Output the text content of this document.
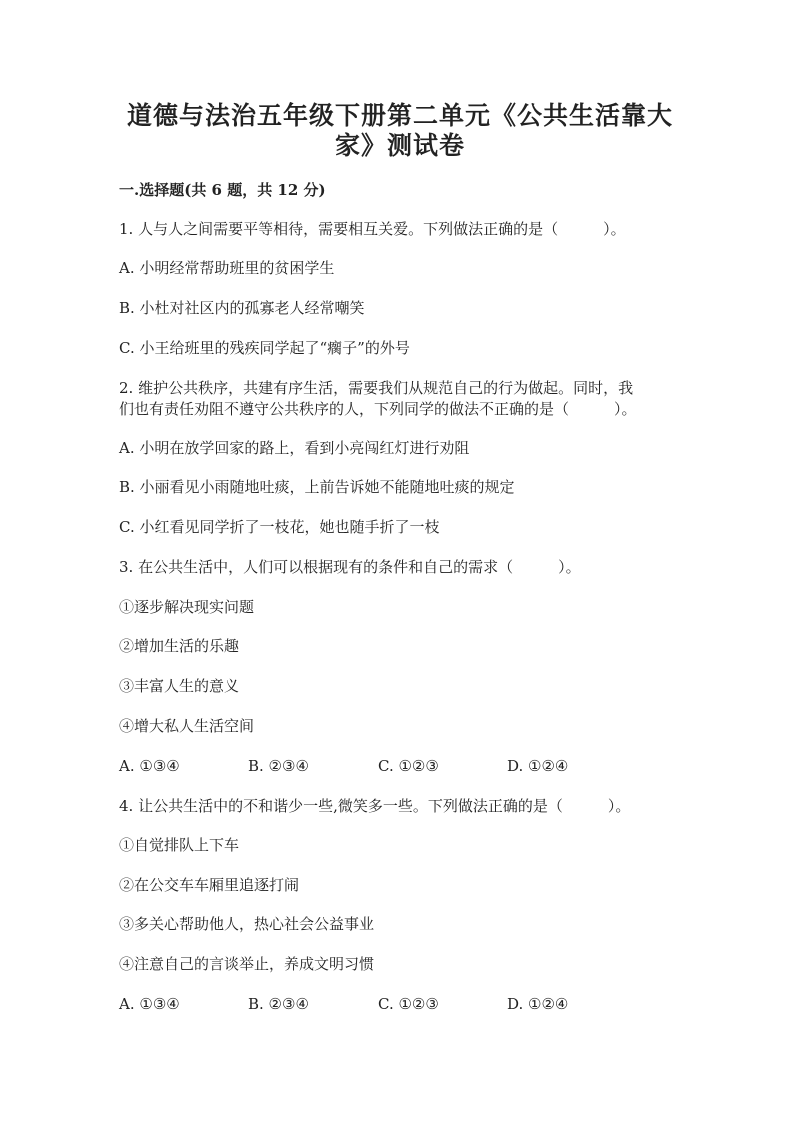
道德与法治五年级下册第二单元《公共生活靠大
家》测试卷
一.选择题(共 6 题，共 12 分)

1. 人与人之间需要平等相待，需要相互关爱。下列做法正确的是（　　　）。

A. 小明经常帮助班里的贫困学生

B. 小杜对社区内的孤寡老人经常嘲笑

C. 小王给班里的残疾同学起了“瘸子”的外号

2. 维护公共秩序，共建有序生活，需要我们从规范自己的行为做起。同时，我

们也有责任劝阻不遵守公共秩序的人，下列同学的做法不正确的是（　　　）。

A. 小明在放学回家的路上，看到小亮闯红灯进行劝阻

B. 小丽看见小雨随地吐痰，上前告诉她不能随地吐痰的规定

C. 小红看见同学折了一枝花，她也随手折了一枝

3. 在公共生活中，人们可以根据现有的条件和自己的需求（　　　）。

①逐步解决现实问题

②增加生活的乐趣

③丰富人生的意义

④增大私人生活空间

A. ①③④	B. ②③④	C. ①②③	D. ①②④

4. 让公共生活中的不和谐少一些,微笑多一些。下列做法正确的是（　　　）。

①自觉排队上下车

②在公交车车厢里追逐打闹

③多关心帮助他人，热心社会公益事业

④注意自己的言谈举止，养成文明习惯

A. ①③④	B. ②③④	C. ①②③	D. ①②④
